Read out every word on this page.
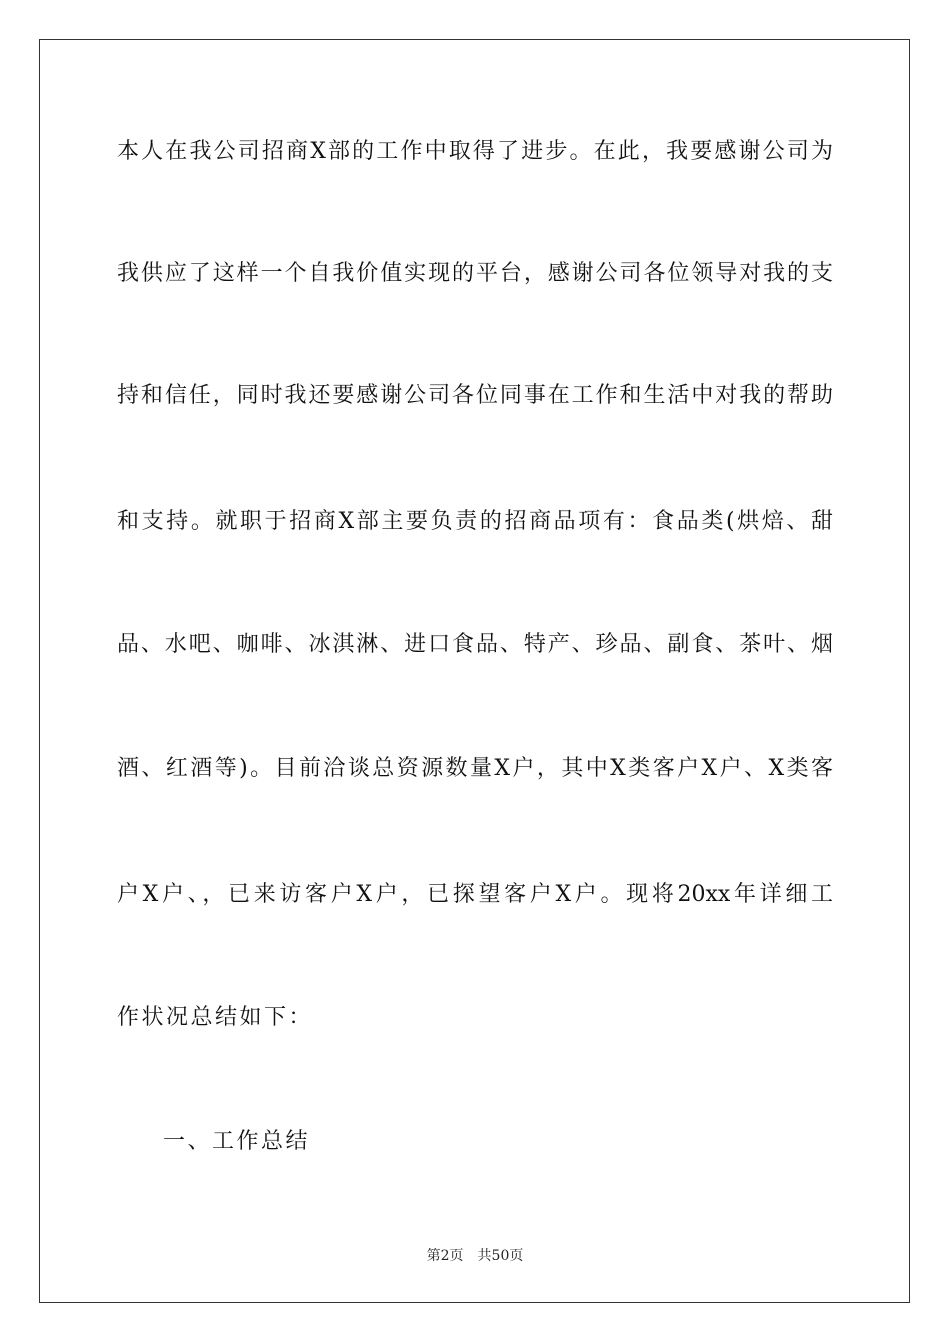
本人在我公司招商X部的工作中取得了进步。在此，我要感谢公司为
我供应了这样一个自我价值实现的平台，感谢公司各位领导对我的支
持和信任，同时我还要感谢公司各位同事在工作和生活中对我的帮助
和支持。就职于招商X部主要负责的招商品项有：食品类(烘焙、甜
品、水吧、咖啡、冰淇淋、进口食品、特产、珍品、副食、茶叶、烟
酒、红酒等)。目前洽谈总资源数量X户，其中X类客户X户、X类客
户X户、，已来访客户X户，已探望客户X户。现将20xx年详细工
作状况总结如下：
一、工作总结
第2页 共50页
